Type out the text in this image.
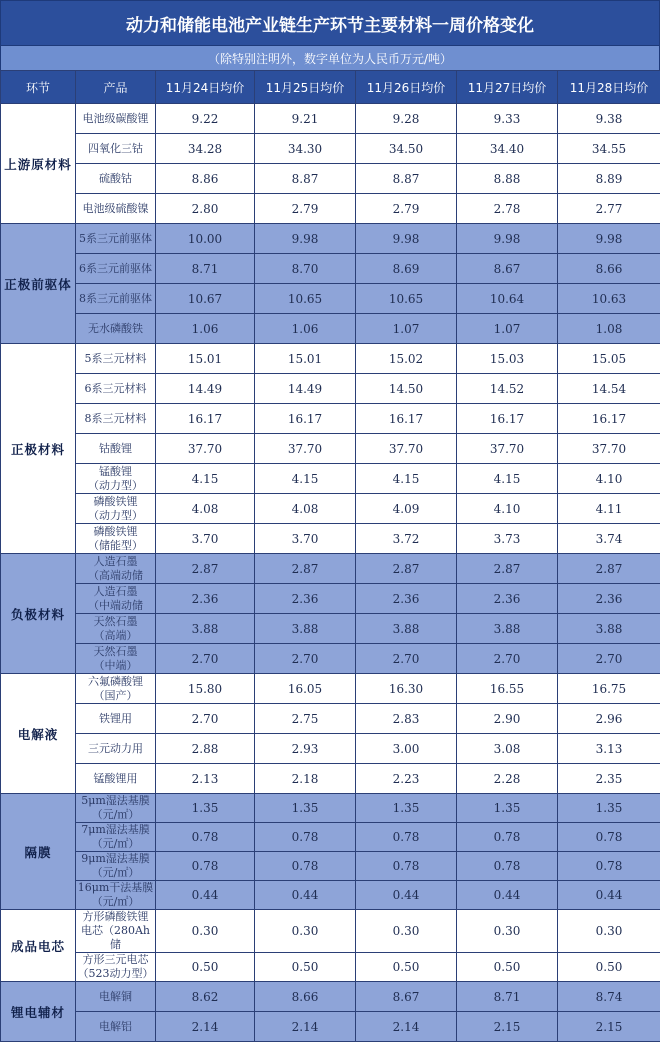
动力和储能电池产业链生产环节主要材料一周价格变化
（除特别注明外，数字单位为人民币万元/吨）
环节	产品	11月24日均价	11月25日均价	11月26日均价	11月27日均价	11月28日均价
上游原材料	电池级碳酸锂	9.22	9.21	9.28	9.33	9.38
	四氧化三钴	34.28	34.30	34.50	34.40	34.55
	硫酸钴	8.86	8.87	8.87	8.88	8.89
	电池级硫酸镍	2.80	2.79	2.79	2.78	2.77
正极前驱体	5系三元前驱体	10.00	9.98	9.98	9.98	9.98
	6系三元前驱体	8.71	8.70	8.69	8.67	8.66
	8系三元前驱体	10.67	10.65	10.65	10.64	10.63
	无水磷酸铁	1.06	1.06	1.07	1.07	1.08
正极材料	5系三元材料	15.01	15.01	15.02	15.03	15.05
	6系三元材料	14.49	14.49	14.50	14.52	14.54
	8系三元材料	16.17	16.17	16.17	16.17	16.17
	钴酸锂	37.70	37.70	37.70	37.70	37.70
	锰酸锂
（动力型）	4.15	4.15	4.15	4.15	4.10
	磷酸铁锂
（动力型）	4.08	4.08	4.09	4.10	4.11
	磷酸铁锂
（储能型）	3.70	3.70	3.72	3.73	3.74
负极材料	人造石墨
（高端动储	2.87	2.87	2.87	2.87	2.87
	人造石墨
（中端动储	2.36	2.36	2.36	2.36	2.36
	天然石墨
（高端）	3.88	3.88	3.88	3.88	3.88
	天然石墨
（中端）	2.70	2.70	2.70	2.70	2.70
电解液	六氟磷酸锂
（国产）	15.80	16.05	16.30	16.55	16.75
	铁锂用	2.70	2.75	2.83	2.90	2.96
	三元动力用	2.88	2.93	3.00	3.08	3.13
	锰酸锂用	2.13	2.18	2.23	2.28	2.35
隔膜	5μm湿法基膜
（元/㎡）	1.35	1.35	1.35	1.35	1.35
	7μm湿法基膜
（元/㎡）	0.78	0.78	0.78	0.78	0.78
	9μm湿法基膜
（元/㎡）	0.78	0.78	0.78	0.78	0.78
	16μm干法基膜
（元/㎡）	0.44	0.44	0.44	0.44	0.44
成品电芯	方形磷酸铁锂
电芯（280Ah储	0.30	0.30	0.30	0.30	0.30
	方形三元电芯
（523动力型）	0.50	0.50	0.50	0.50	0.50
锂电辅材	电解铜	8.62	8.66	8.67	8.71	8.74
	电解铝	2.14	2.14	2.14	2.15	2.15
